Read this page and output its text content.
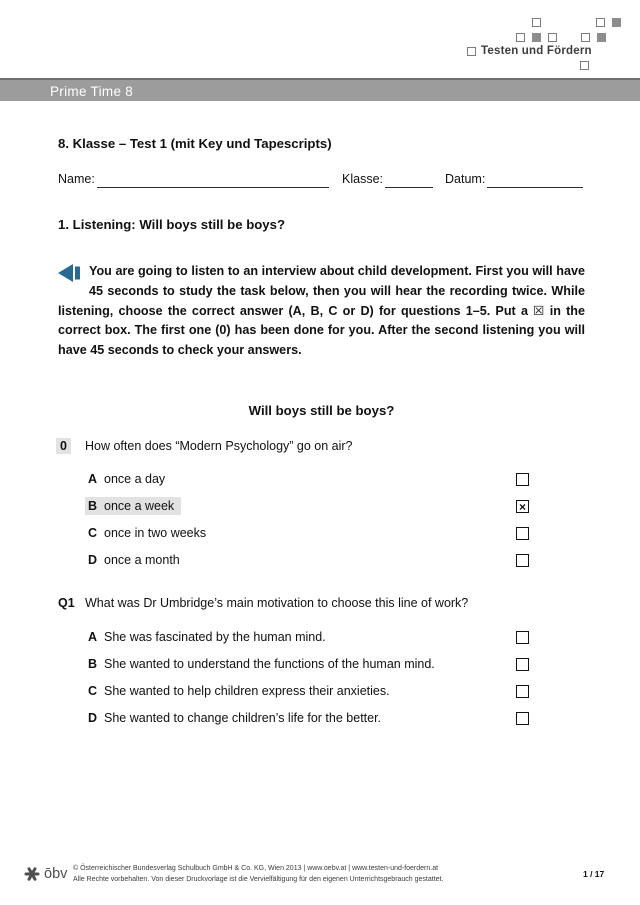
Testen und Fördern
Prime Time 8
8. Klasse – Test 1 (mit Key und Tapescripts)
Name:	Klasse:	Datum:
1. Listening: Will boys still be boys?
You are going to listen to an interview about child development. First you will have 45 seconds to study the task below, then you will hear the recording twice. While listening, choose the correct answer (A, B, C or D) for questions 1–5. Put a ☒ in the correct box. The first one (0) has been done for you. After the second listening you will have 45 seconds to check your answers.
Will boys still be boys?
0	How often does “Modern Psychology” go on air?
A once a day
B once a week	×
C once in two weeks
D once a month
Q1 What was Dr Umbridge’s main motivation to choose this line of work?
A She was fascinated by the human mind.
B She wanted to understand the functions of the human mind.
C She wanted to help children express their anxieties.
D She wanted to change children’s life for the better.
ōbv © Österreichischer Bundesverlag Schulbuch GmbH & Co. KG, Wien 2013 | www.oebv.at | www.testen-und-foerdern.at
Alle Rechte vorbehalten. Von dieser Druckvorlage ist die Vervielfältigung für den eigenen Unterrichtsgebrauch gestattet.	1 / 17
